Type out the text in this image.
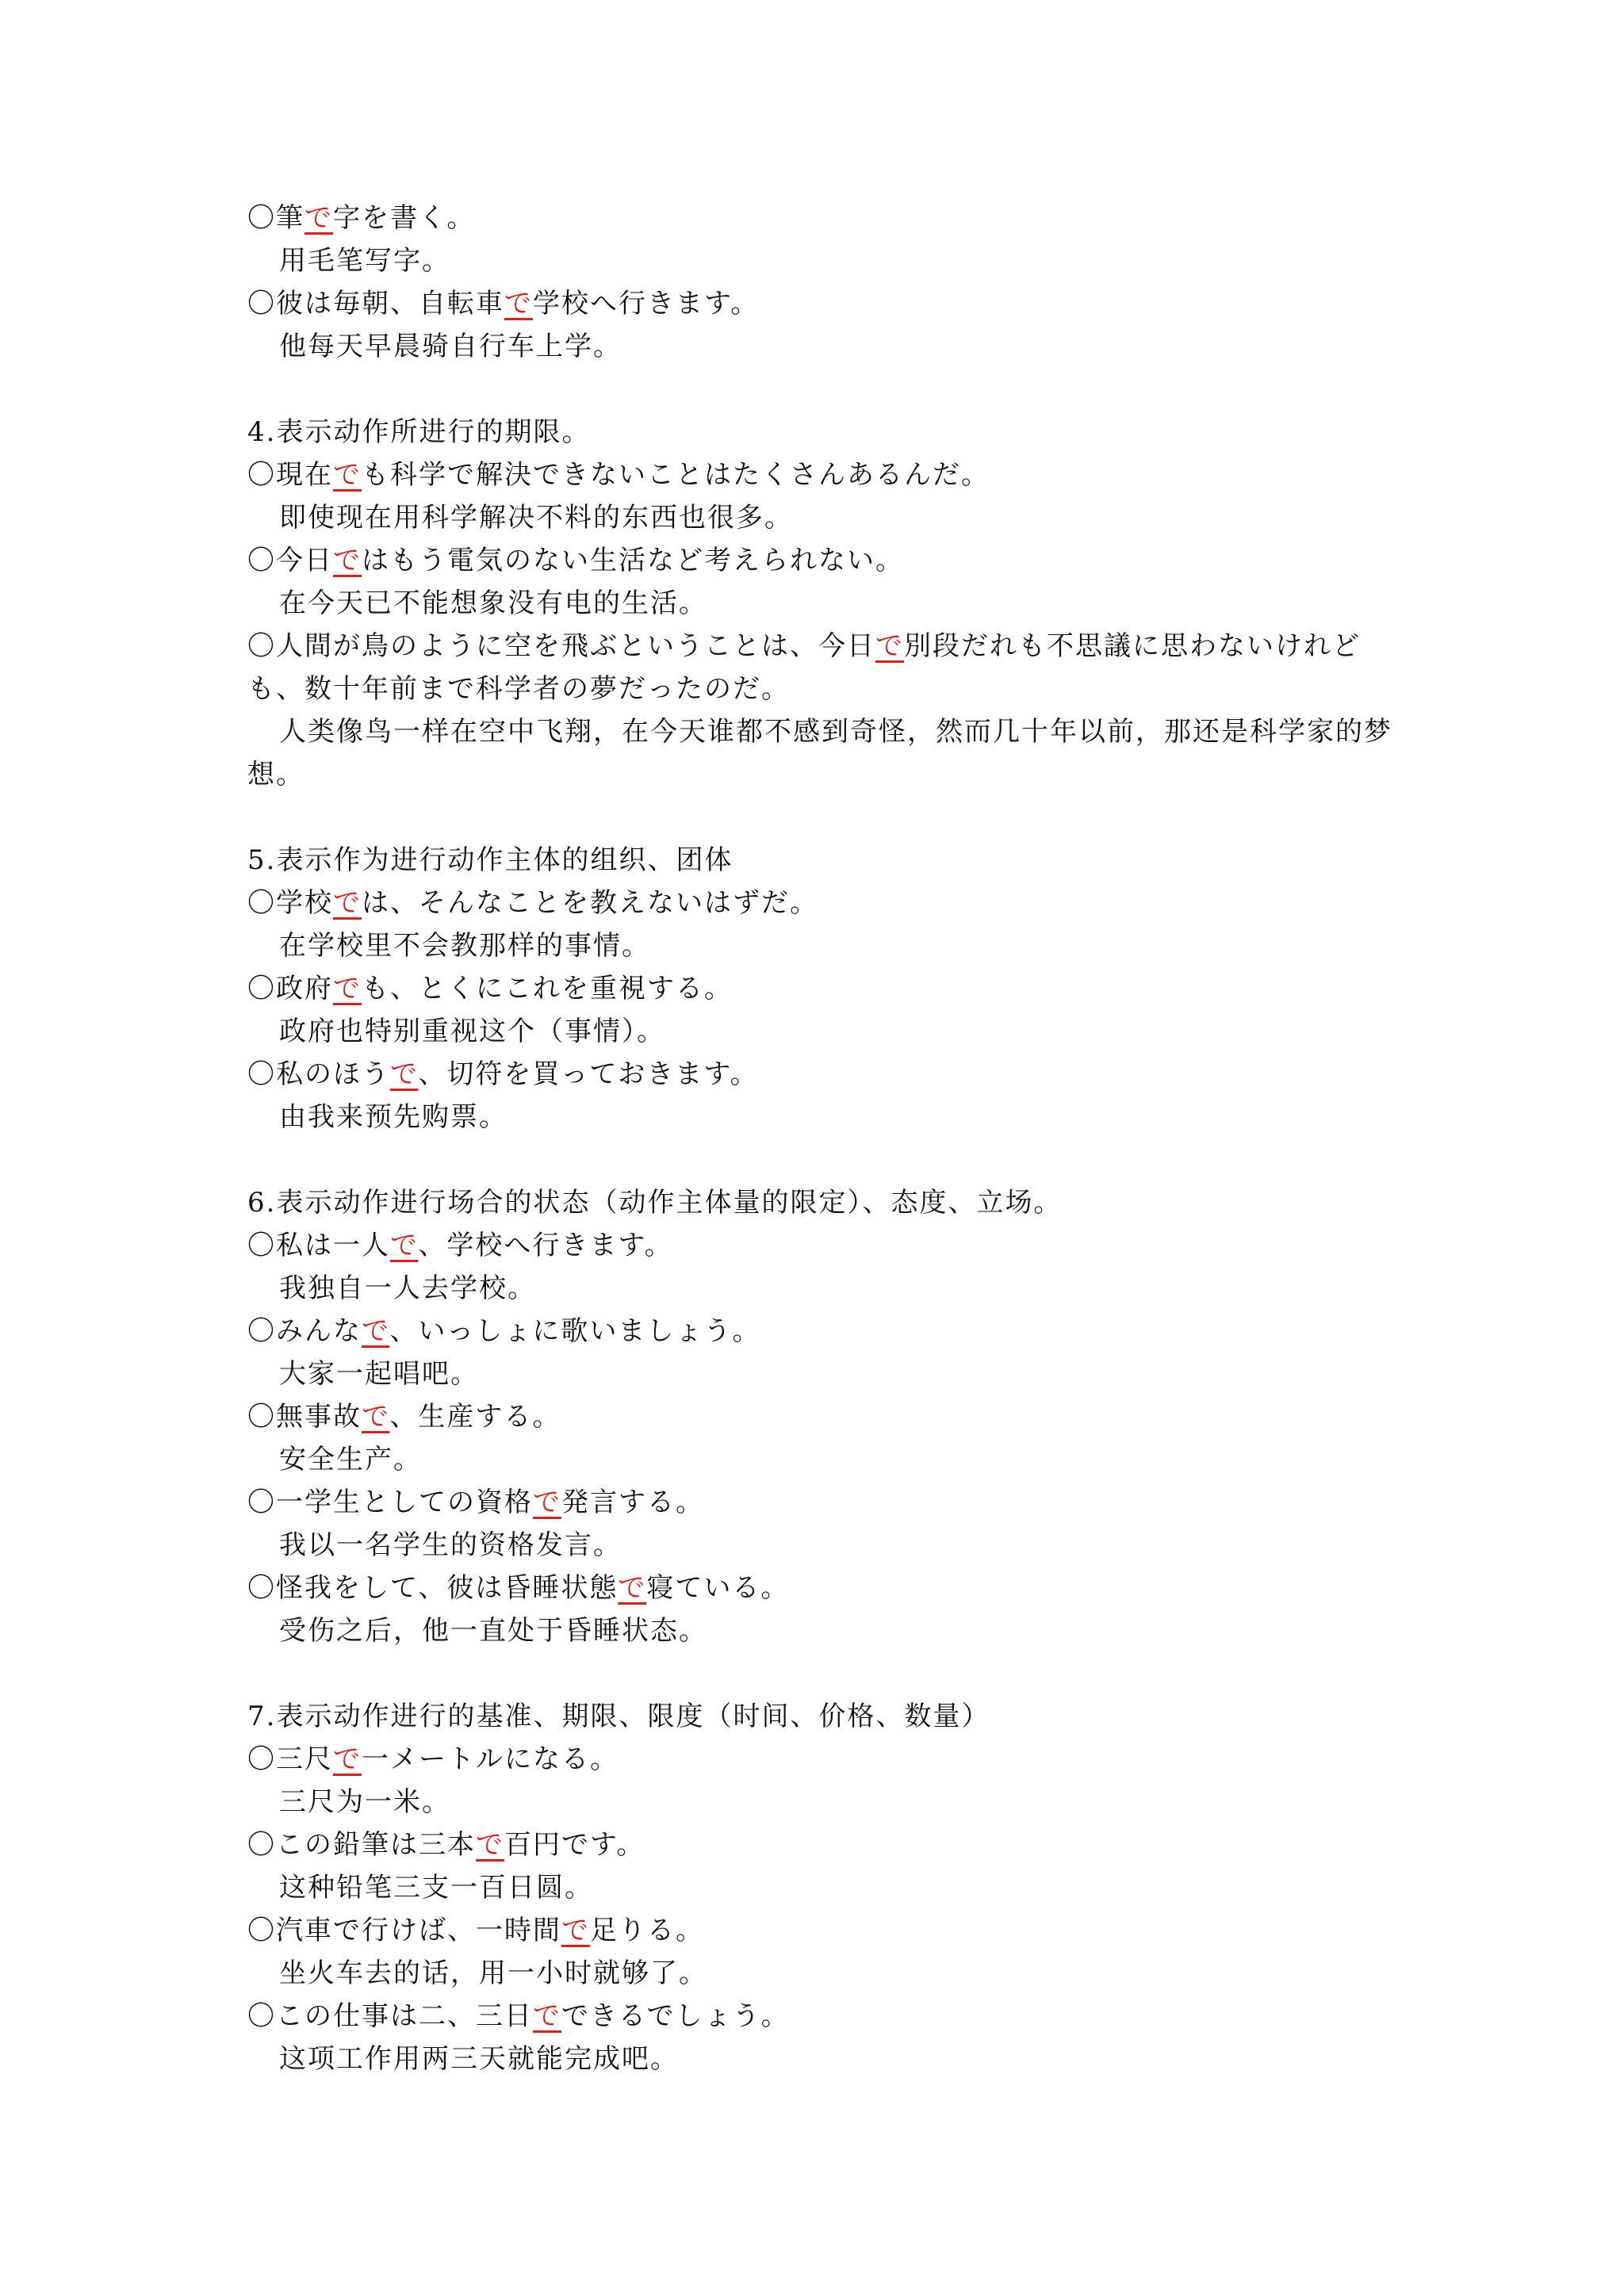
〇筆で字を書く。
用毛笔写字。
〇彼は毎朝、自転車で学校へ行きます。
他每天早晨骑自行车上学。
4.表示动作所进行的期限。
〇現在でも科学で解決できないことはたくさんあるんだ。
即使现在用科学解决不料的东西也很多。
〇今日ではもう電気のない生活など考えられない。
在今天已不能想象没有电的生活。
〇人間が鳥のように空を飛ぶということは、今日で別段だれも不思議に思わないけれども、数十年前まで科学者の夢だったのだ。
人类像鸟一样在空中飞翔，在今天谁都不感到奇怪，然而几十年以前，那还是科学家的梦想。
5.表示作为进行动作主体的组织、团体
〇学校では、そんなことを教えないはずだ。
在学校里不会教那样的事情。
〇政府でも、とくにこれを重視する。
政府也特别重视这个（事情）。
〇私のほうで、切符を買っておきます。
由我来预先购票。
6.表示动作进行场合的状态（动作主体量的限定）、态度、立场。
〇私は一人で、学校へ行きます。
我独自一人去学校。
〇みんなで、いっしょに歌いましょう。
大家一起唱吧。
〇無事故で、生産する。
安全生产。
〇一学生としての資格で発言する。
我以一名学生的资格发言。
〇怪我をして、彼は昏睡状態で寝ている。
受伤之后，他一直处于昏睡状态。
7.表示动作进行的基准、期限、限度（时间、价格、数量）
〇三尺で一メートルになる。
三尺为一米。
〇この鉛筆は三本で百円です。
这种铅笔三支一百日圆。
〇汽車で行けば、一時間で足りる。
坐火车去的话，用一小时就够了。
〇この仕事は二、三日でできるでしょう。
这项工作用两三天就能完成吧。
